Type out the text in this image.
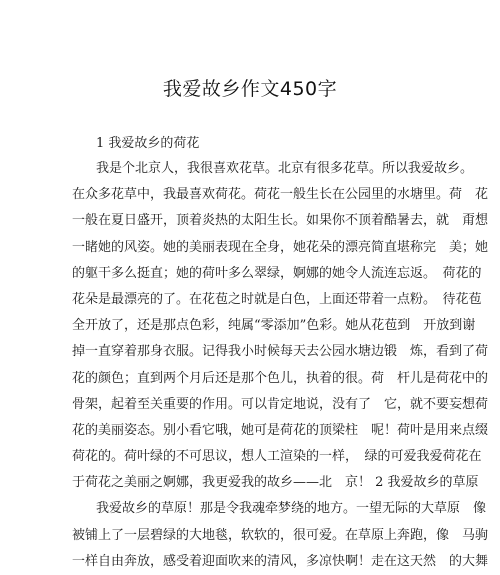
我爱故乡作文450字
1 我爱故乡的荷花
我是个北京人，我很喜欢花草。北京有很多花草。所以我爱故乡。
在众多花草中，我最喜欢荷花。荷花一般生长在公园里的水塘里。荷　花
一般在夏日盛开，顶着炎热的太阳生长。如果你不顶着酷暑去，就　甭想
一睹她的风姿。她的美丽表现在全身，她花朵的漂亮简直堪称完　美；她
的躯干多么挺直；她的荷叶多么翠绿，婀娜的她令人流连忘返。　荷花的
花朵是最漂亮的了。在花苞之时就是白色，上面还带着一点粉。　待花苞
全开放了，还是那点色彩，纯属“零添加”色彩。她从花苞到　开放到谢
掉一直穿着那身衣服。记得我小时候每天去公园水塘边锻　炼，看到了荷
花的颜色；直到两个月后还是那个色儿，执着的很。荷　杆儿是荷花中的
骨架，起着至关重要的作用。可以肯定地说，没有了　它，就不要妄想荷
花的美丽姿态。别小看它哦，她可是荷花的顶梁柱　呢！荷叶是用来点缀
荷花的。荷叶绿的不可思议，想人工渲染的一样，　绿的可爱我爱荷花在
于荷花之美丽之婀娜，我更爱我的故乡——北　京！ 2 我爱故乡的草原
我爱故乡的草原！那是令我魂牵梦绕的地方。一望无际的大草原　像
被铺上了一层碧绿的大地毯，软软的，很可爱。在草原上奔跑，像　马驹
一样自由奔放，感受着迎面吹来的清风，多凉快啊！走在这天然　的大舞
